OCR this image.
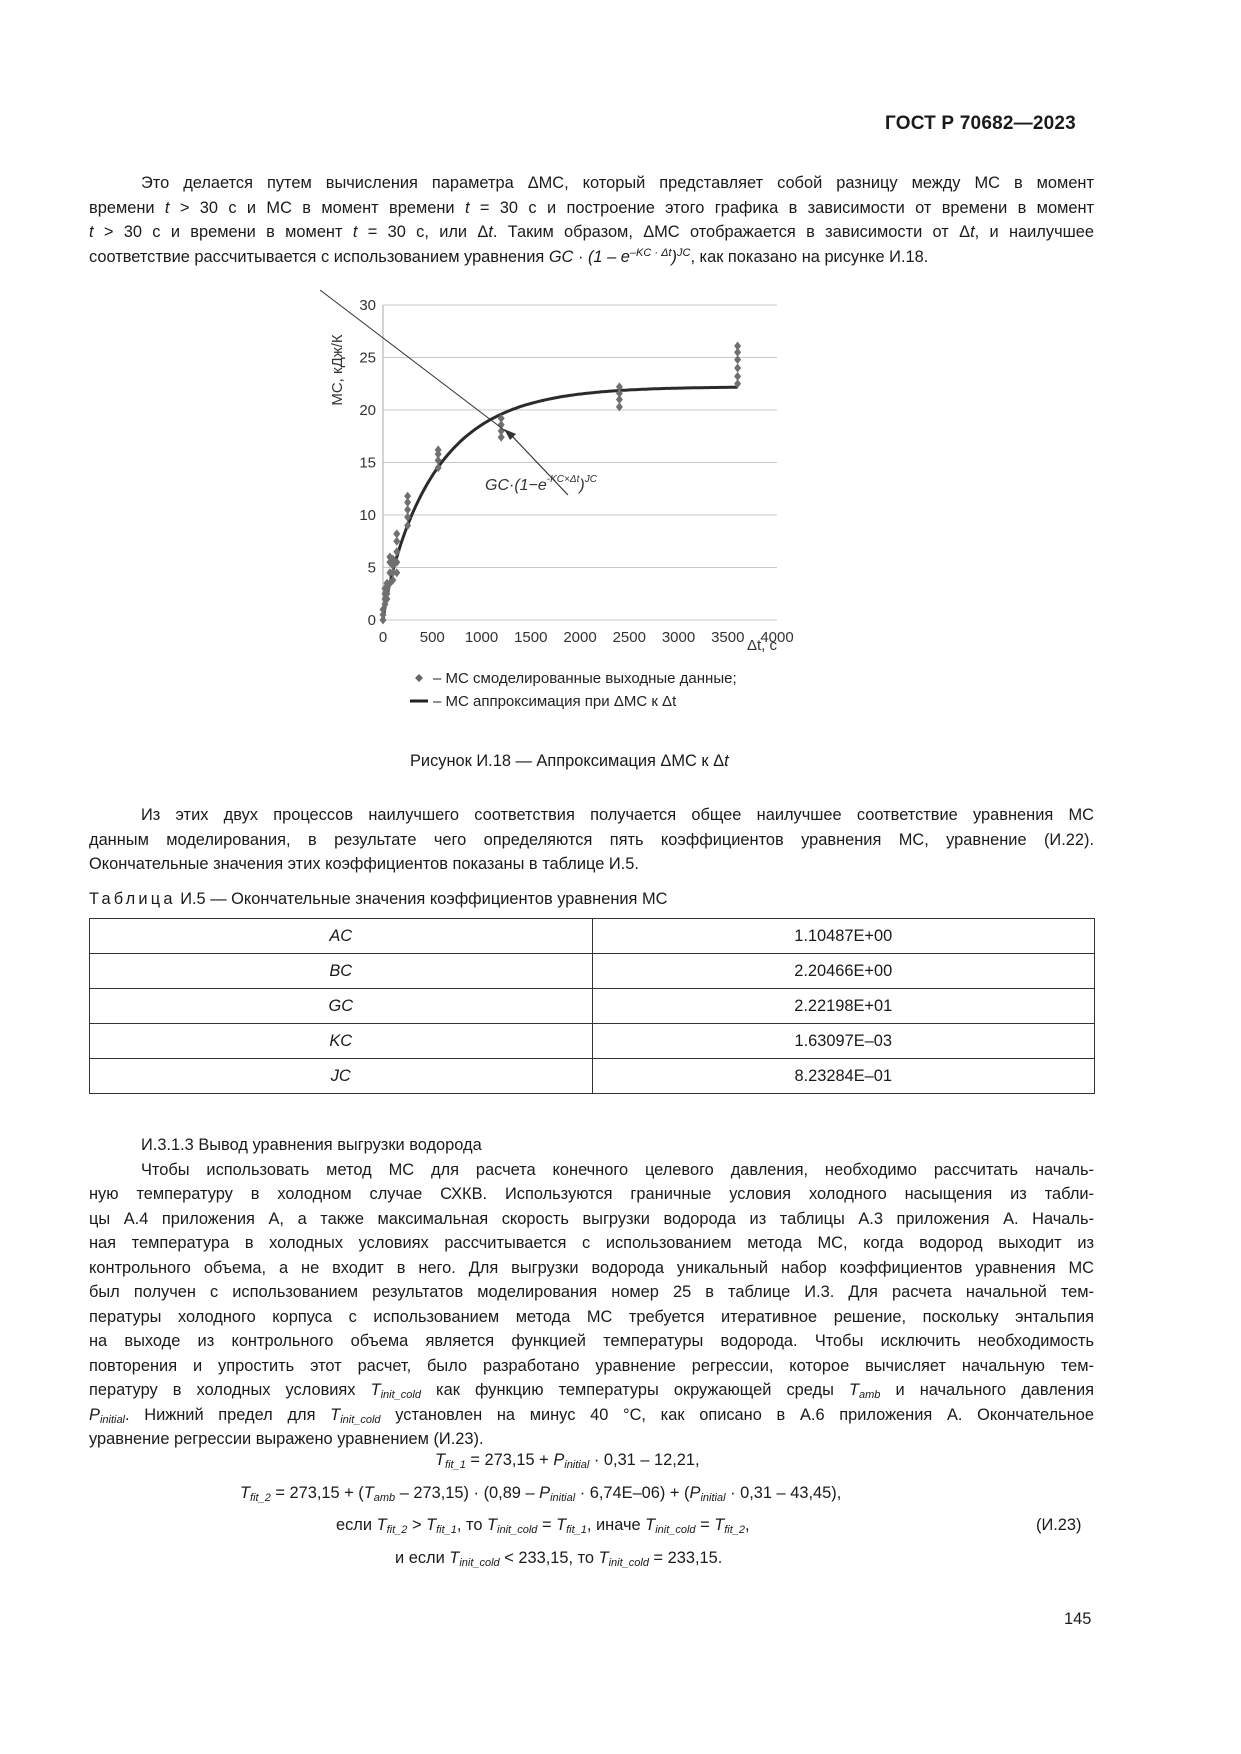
ГОСТ Р 70682—2023
Это делается путем вычисления параметра ΔМС, который представляет собой разницу между МС в момент
времени t > 30 с и МС в момент времени t = 30 с и построение этого графика в зависимости от времени в момент
t > 30 с и времени в момент t = 30 с, или Δt. Таким образом, ΔМС отображается в зависимости от Δt, и наилучшее
соответствие рассчитывается с использованием уравнения GC · $(1 - e^{-KC \cdot \Delta t})^{JC}$, как показано на рисунке И.18.
0
5
10
15
20
25
30
0 500 1000 1500 2000 2500 3000 3500 4000
МС, кДж/К
Δt, c
$GC\cdot(1-e^{-KC\times\Delta t})^{JC}$
– МС смоделированные выходные данные;
– МС аппроксимация при ΔМС к Δt
Рисунок И.18 — Аппроксимация ΔМС к Δt
Из этих двух процессов наилучшего соответствия получается общее наилучшее соответствие уравнения МС
данным моделирования, в результате чего определяются пять коэффициентов уравнения МС, уравнение (И.22).
Окончательные значения этих коэффициентов показаны в таблице И.5.
Таблица И.5 — Окончательные значения коэффициентов уравнения МС
AC	1.10487E+00
BC	2.20466E+00
GC	2.22198E+01
KC	1.63097E–03
JC	8.23284E–01
И.3.1.3 Вывод уравнения выгрузки водорода
Чтобы использовать метод МС для расчета конечного целевого давления, необходимо рассчитать началь-
ную температуру в холодном случае СХКВ. Используются граничные условия холодного насыщения из табли-
цы А.4 приложения А, а также максимальная скорость выгрузки водорода из таблицы А.3 приложения А. Началь-
ная температура в холодных условиях рассчитывается с использованием метода МС, когда водород выходит из
контрольного объема, а не входит в него. Для выгрузки водорода уникальный набор коэффициентов уравнения МС
был получен с использованием результатов моделирования номер 25 в таблице И.3. Для расчета начальной тем-
пературы холодного корпуса с использованием метода МС требуется итеративное решение, поскольку энтальпия
на выходе из контрольного объема является функцией температуры водорода. Чтобы исключить необходимость
повторения и упростить этот расчет, было разработано уравнение регрессии, которое вычисляет начальную тем-
пературу в холодных условиях $T_{init\_cold}$ как функцию температуры окружающей среды $T_{amb}$ и начального давления
$P_{initial}$. Нижний предел для $T_{init\_cold}$ установлен на минус 40 °С, как описано в А.6 приложения А. Окончательное
уравнение регрессии выражено уравнением (И.23).
$T_{fit\_1} = 273,15 + P_{initial} \cdot 0,31 - 12,21$,
$T_{fit\_2} = 273,15 + (T_{amb} - 273,15) \cdot (0,89 - P_{initial} \cdot 6,74E-06) + (P_{initial} \cdot 0,31 - 43,45)$,
если $T_{fit\_2} > T_{fit\_1}$, то $T_{init\_cold} = T_{fit\_1}$, иначе $T_{init\_cold} = T_{fit\_2}$,	(И.23)
и если $T_{init\_cold} < 233,15$, то $T_{init\_cold} = 233,15$.
145
